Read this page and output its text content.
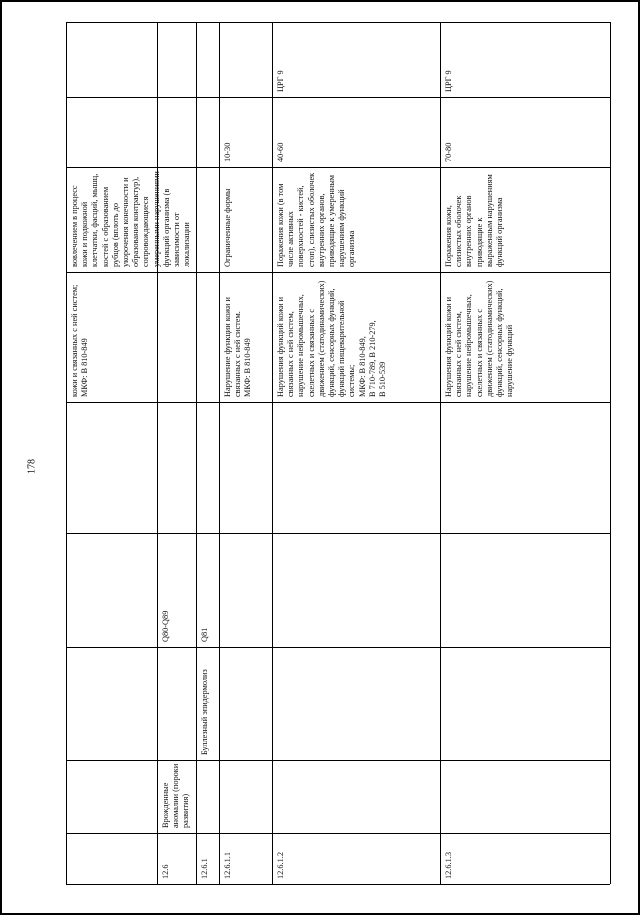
178
кожи и связанных с ней систем;
МКФ: В 810-849
вовлечением в процесс кожи и подкожной клетчатки, фасций, мышц, костей с образованием рубцов (вплоть до укорочения конечности и образования контрактур), сопровождающиеся умеренными нарушениями функций организма (в зависимости от локализации
12.6
Врожденные аномалии (пороки развития)
Q80-Q89
12.6.1
Буллезный эпидермолиз
Q81
12.6.1.1
Нарушение функции кожи и связанных с ней систем.
МКФ: В 810-849
Ограниченные формы
10-30
12.6.1.2
Нарушения функций кожи и связанных с ней систем, нарушение нейромышечных, скелетных и связанных с движением (статодинамических) функций, сенсорных функций, функций пищеварительной системы;
МКФ: В 810-849,
В 710-789, В 210-279,
В 510-539
Поражения кожи (в том числе активных поверхностей - кистей, стоп), слизистых оболочек внутренних органов, приводящие к умеренным нарушениям функций организма
40-60
ЦРГ 9
12.6.1.3
Нарушения функций кожи и связанных с ней систем, нарушение нейромышечных, скелетных и связанных с движением (статодинамических) функций, сенсорных функций, нарушение функций
Поражения кожи, слизистых оболочек внутренних органов приводящие к выраженным нарушениям функций организма
70-80
ЦРГ 9
